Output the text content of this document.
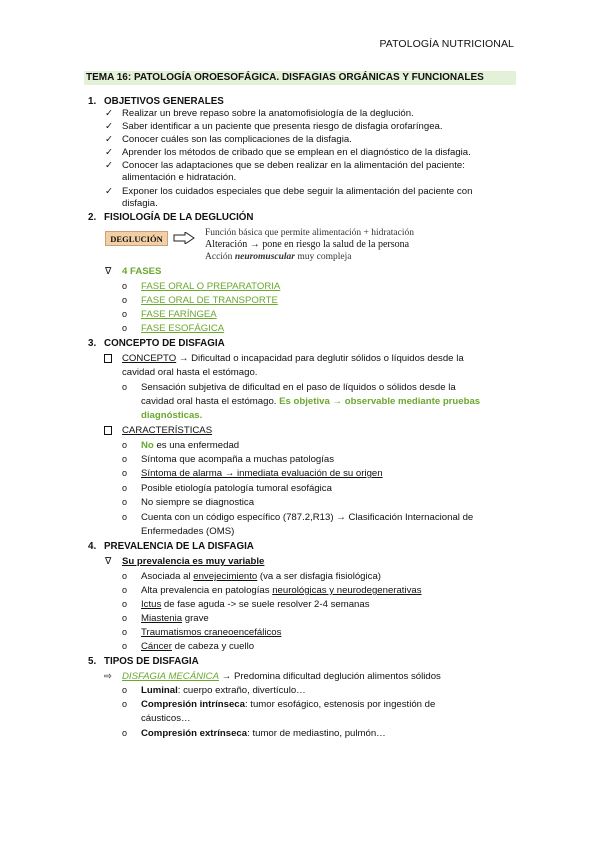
PATOLOGÍA NUTRICIONAL
TEMA 16: PATOLOGÍA OROESOFÁGICA. DISFAGIAS ORGÁNICAS Y FUNCIONALES
1. OBJETIVOS GENERALES
✓ Realizar un breve repaso sobre la anatomofisiología de la deglución.
✓ Saber identificar a un paciente que presenta riesgo de disfagia orofaríngea.
✓ Conocer cuáles son las complicaciones de la disfagia.
✓ Aprender los métodos de cribado que se emplean en el diagnóstico de la disfagia.
✓ Conocer las adaptaciones que se deben realizar en la alimentación del paciente:
alimentación e hidratación.
✓ Exponer los cuidados especiales que debe seguir la alimentación del paciente con
disfagia.
2. FISIOLOGÍA DE LA DEGLUCIÓN
DEGLUCIÓN
Función básica que permite alimentación + hidratación
Alteración → pone en riesgo la salud de la persona
Acción neuromuscular muy compleja
∇ 4 FASES
o FASE ORAL O PREPARATORIA
o FASE ORAL DE TRANSPORTE
o FASE FARÍNGEA
o FASE ESOFÁGICA
3. CONCEPTO DE DISFAGIA
CONCEPTO → Dificultad o incapacidad para deglutir sólidos o líquidos desde la
cavidad oral hasta el estómago.
o Sensación subjetiva de dificultad en el paso de líquidos o sólidos desde la
cavidad oral hasta el estómago. Es objetiva → observable mediante pruebas
diagnósticas.
CARACTERÍSTICAS
o No es una enfermedad
o Síntoma que acompaña a muchas patologías
o Síntoma de alarma → inmediata evaluación de su origen
o Posible etiología patología tumoral esofágica
o No siempre se diagnostica
o Cuenta con un código específico (787.2,R13) → Clasificación Internacional de
Enfermedades (OMS)
4. PREVALENCIA DE LA DISFAGIA
∇ Su prevalencia es muy variable
o Asociada al envejecimiento (va a ser disfagia fisiológica)
o Alta prevalencia en patologías neurológicas y neurodegenerativas
o Ictus de fase aguda -> se suele resolver 2-4 semanas
o Miastenia grave
o Traumatismos craneoencefálicos
o Cáncer de cabeza y cuello
5. TIPOS DE DISFAGIA
⇨ DISFAGIA MECÁNICA → Predomina dificultad deglución alimentos sólidos
o Luminal: cuerpo extraño, divertículo…
o Compresión intrínseca: tumor esofágico, estenosis por ingestión de
cáusticos…
o Compresión extrínseca: tumor de mediastino, pulmón…
